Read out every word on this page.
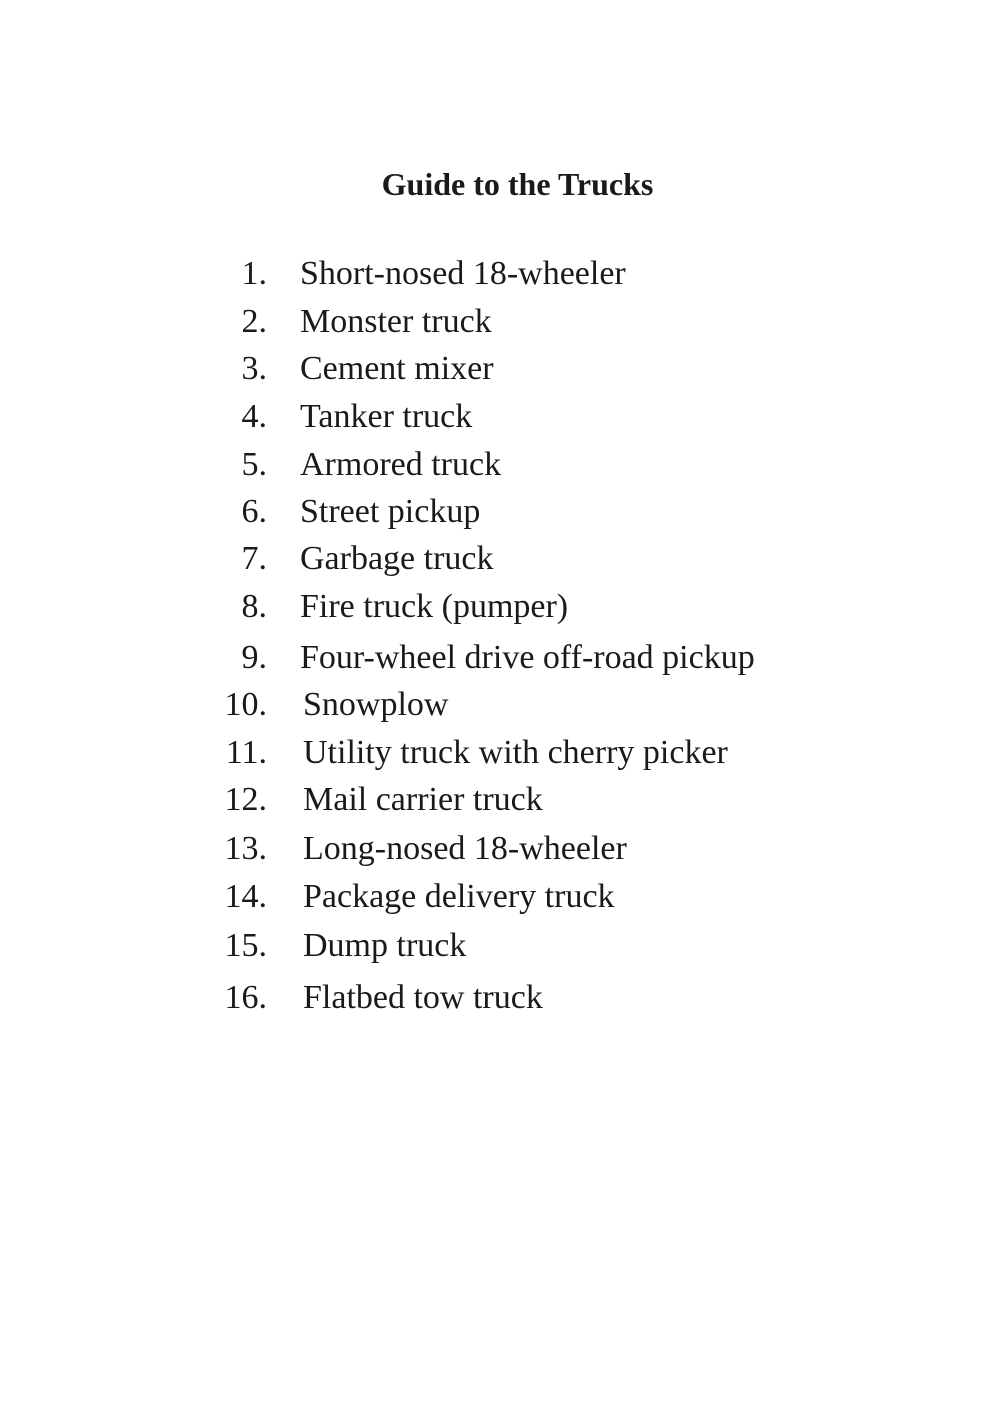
Guide to the Trucks
1. Short-nosed 18-wheeler
2. Monster truck
3. Cement mixer
4. Tanker truck
5. Armored truck
6. Street pickup
7. Garbage truck
8. Fire truck (pumper)
9. Four-wheel drive off-road pickup
10. Snowplow
11. Utility truck with cherry picker
12. Mail carrier truck
13. Long-nosed 18-wheeler
14. Package delivery truck
15. Dump truck
16. Flatbed tow truck
